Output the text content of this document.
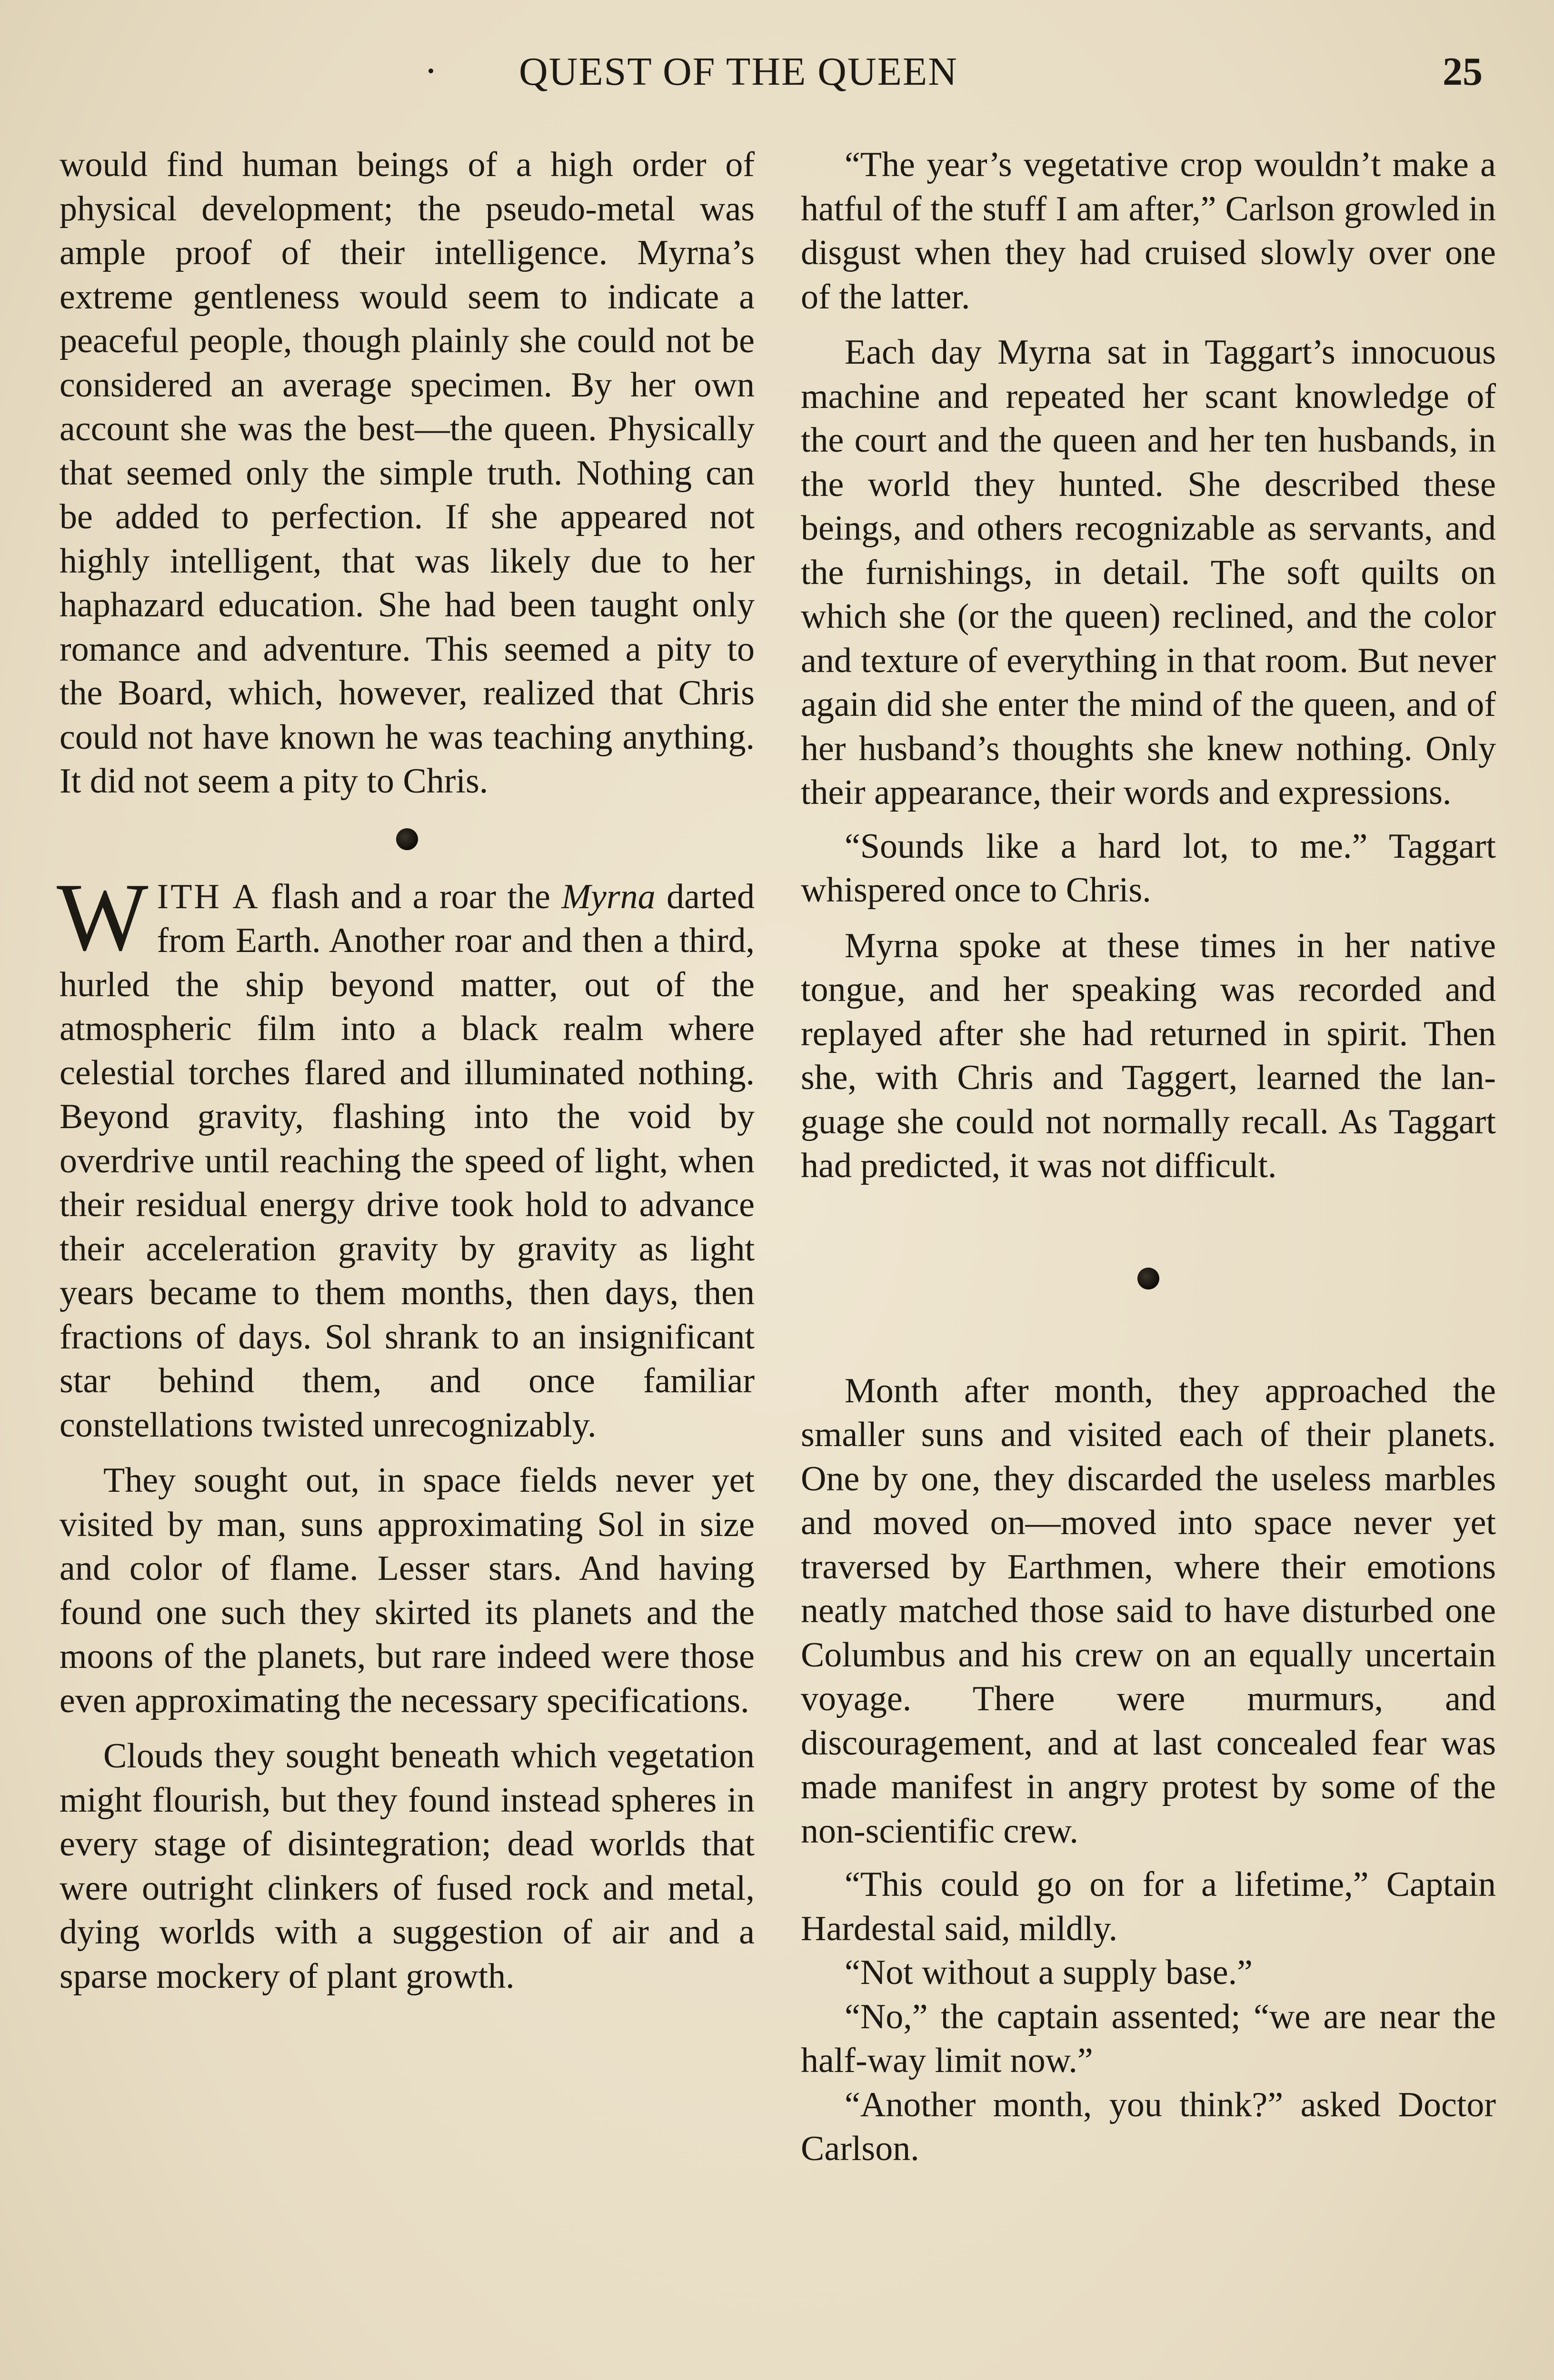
QUEST OF THE QUEEN	25

would find human beings of a high order of physical development; the pseudo-metal was ample proof of their intelligence. Myrna’s extreme gentleness would seem to indicate a peaceful people, though plainly she could not be considered an average specimen. By her own account she was the best—the queen. Physically that seemed only the simple truth. Nothing can be added to perfection. If she appeared not highly intelligent, that was likely due to her haphazard education. She had been taught only romance and adventure. This seemed a pity to the Board, which, however, realized that Chris could not have known he was teaching anything. It did not seem a pity to Chris.

WITH A flash and a roar the Myrna darted from Earth. Another roar and then a third, hurled the ship beyond matter, out of the atmospheric film into a black realm where celestial torches flared and illuminated nothing. Beyond gravity, flashing into the void by overdrive until reaching the speed of light, when their residual energy drive took hold to advance their acceleration gravity by gravity as light years became to them months, then days, then fractions of days. Sol shrank to an insignificant star behind them, and once familiar constellations twisted unrecognizably.

They sought out, in space fields never yet visited by man, suns approximating Sol in size and color of flame. Lesser stars. And having found one such they skirted its planets and the moons of the planets, but rare indeed were those even approximating the necessary specifications.

Clouds they sought beneath which vegetation might flourish, but they found instead spheres in every stage of disintegration; dead worlds that were outright clinkers of fused rock and metal, dying worlds with a suggestion of air and a sparse mockery of plant growth.

“The year’s vegetative crop wouldn’t make a hatful of the stuff I am after,” Carlson growled in disgust when they had cruised slowly over one of the latter.

Each day Myrna sat in Taggart’s innocuous machine and repeated her scant knowledge of the court and the queen and her ten husbands, in the world they hunted. She described these beings, and others recognizable as servants, and the furnishings, in detail. The soft quilts on which she (or the queen) reclined, and the color and texture of everything in that room. But never again did she enter the mind of the queen, and of her husband’s thoughts she knew nothing. Only their appearance, their words and expressions.

“Sounds like a hard lot, to me.” Taggart whispered once to Chris.

Myrna spoke at these times in her native tongue, and her speaking was recorded and replayed after she had returned in spirit. Then she, with Chris and Taggert, learned the language she could not normally recall. As Taggart had predicted, it was not difficult.

Month after month, they approached the smaller suns and visited each of their planets. One by one, they discarded the useless marbles and moved on—moved into space never yet traversed by Earthmen, where their emotions neatly matched those said to have disturbed one Columbus and his crew on an equally uncertain voyage. There were murmurs, and discouragement, and at last concealed fear was made manifest in angry protest by some of the non-scientific crew.

“This could go on for a lifetime,” Captain Hardestal said, mildly.

“Not without a supply base.”

“No,” the captain assented; “we are near the half-way limit now.”

“Another month, you think?” asked Doctor Carlson.
